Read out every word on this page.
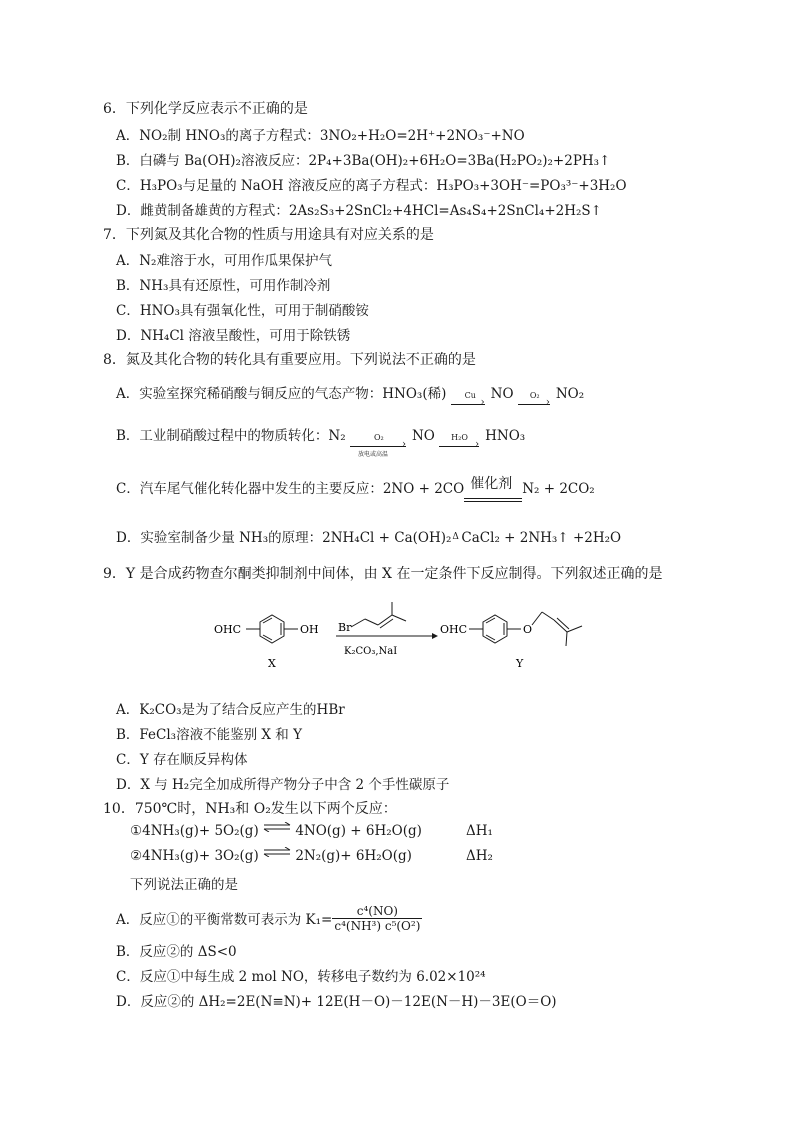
6．下列化学反应表示不正确的是
A．NO₂制 HNO₃的离子方程式：3NO₂+H₂O=2H⁺+2NO₃⁻+NO
B．白磷与 Ba(OH)₂溶液反应：2P₄+3Ba(OH)₂+6H₂O=3Ba(H₂PO₂)₂+2PH₃↑
C．H₃PO₃与足量的 NaOH 溶液反应的离子方程式：H₃PO₃+3OH⁻=PO₃³⁻+3H₂O
D．雌黄制备雄黄的方程式：2As₂S₃+2SnCl₂+4HCl=As₄S₄+2SnCl₄+2H₂S↑
7．下列氮及其化合物的性质与用途具有对应关系的是
A．N₂难溶于水，可用作瓜果保护气
B．NH₃具有还原性，可用作制冷剂
C．HNO₃具有强氧化性，可用于制硝酸铵
D．NH₄Cl 溶液呈酸性，可用于除铁锈
8．氮及其化合物的转化具有重要应用。下列说法不正确的是
A．实验室探究稀硝酸与铜反应的气态产物：HNO₃(稀) Cu
›
NO O₂
›
NO₂
B．工业制硝酸过程中的物质转化：N₂	O₂
›
放电或高温
NO H₂O
›
HNO₃
C．汽车尾气催化转化器中发生的主要反应：2NO + 2CO 催化剂 N₂ + 2CO₂
D．实验室制备少量 NH₃的原理：2NH₄Cl + Ca(OH)₂ Δ CaCl₂ + 2NH₃↑ +2H₂O
9．Y 是合成药物查尔酮类抑制剂中间体，由 X 在一定条件下反应制得。下列叙述正确的是
OHC	OH
X
Br
K₂CO₃,NaI
OHC	O
Y
A．K₂CO₃是为了结合反应产生的HBr
B．FeCl₃溶液不能鉴别 X 和 Y
C．Y 存在顺反异构体
D．X 与 H₂完全加成所得产物分子中含 2 个手性碳原子
10．750℃时，NH₃和 O₂发生以下两个反应：
①4NH₃(g)+ 5O₂(g) ⇌ 4NO(g) + 6H₂O(g)	ΔH₁
②4NH₃(g)+ 3O₂(g) ⇌ 2N₂(g)+ 6H₂O(g)	ΔH₂
下列说法正确的是
A．反应①的平衡常数可表示为 $K_1= \frac{\text{c⁴(NO)}}{\text{c⁴(NH³) c⁵(O²)}}$
B．反应②的 ΔS<0
C．反应①中每生成 2 mol NO，转移电子数约为 6.02×10²⁴
D．反应②的 ΔH₂=2E(N≡N)+ 12E(H－O)－12E(N－H)－3E(O＝O)
